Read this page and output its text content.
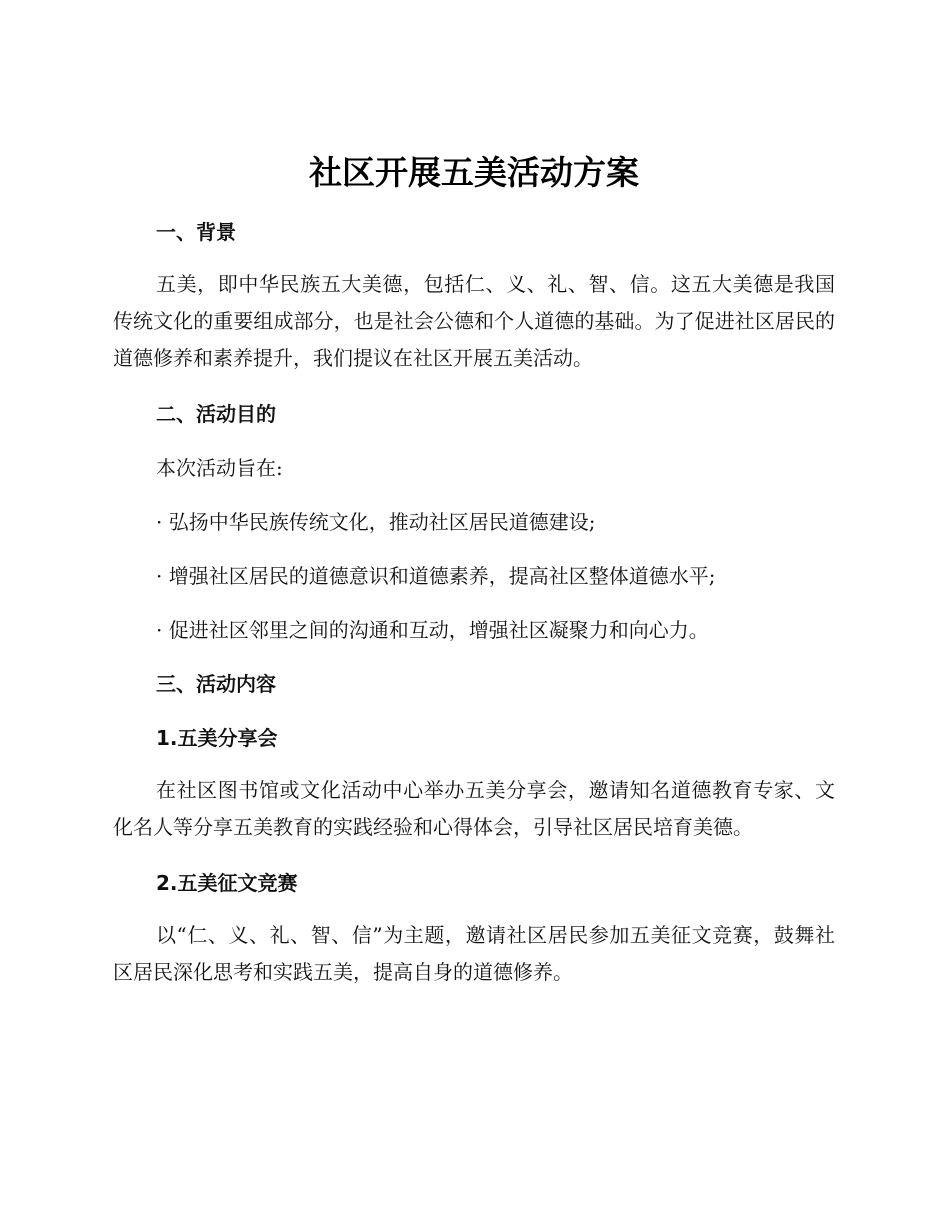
社区开展五美活动方案
一、背景

五美，即中华民族五大美德，包括仁、义、礼、智、信。这五大美德是我国传统文化的重要组成部分，也是社会公德和个人道德的基础。为了促进社区居民的道德修养和素养提升，我们提议在社区开展五美活动。

二、活动目的

本次活动旨在:

· 弘扬中华民族传统文化，推动社区居民道德建设;

· 增强社区居民的道德意识和道德素养，提高社区整体道德水平;

· 促进社区邻里之间的沟通和互动，增强社区凝聚力和向心力。

三、活动内容
1.五美分享会

在社区图书馆或文化活动中心举办五美分享会，邀请知名道德教育专家、文化名人等分享五美教育的实践经验和心得体会，引导社区居民培育美德。

2.五美征文竞赛

以“仁、义、礼、智、信”为主题，邀请社区居民参加五美征文竞赛，鼓舞社区居民深化思考和实践五美，提高自身的道德修养。
